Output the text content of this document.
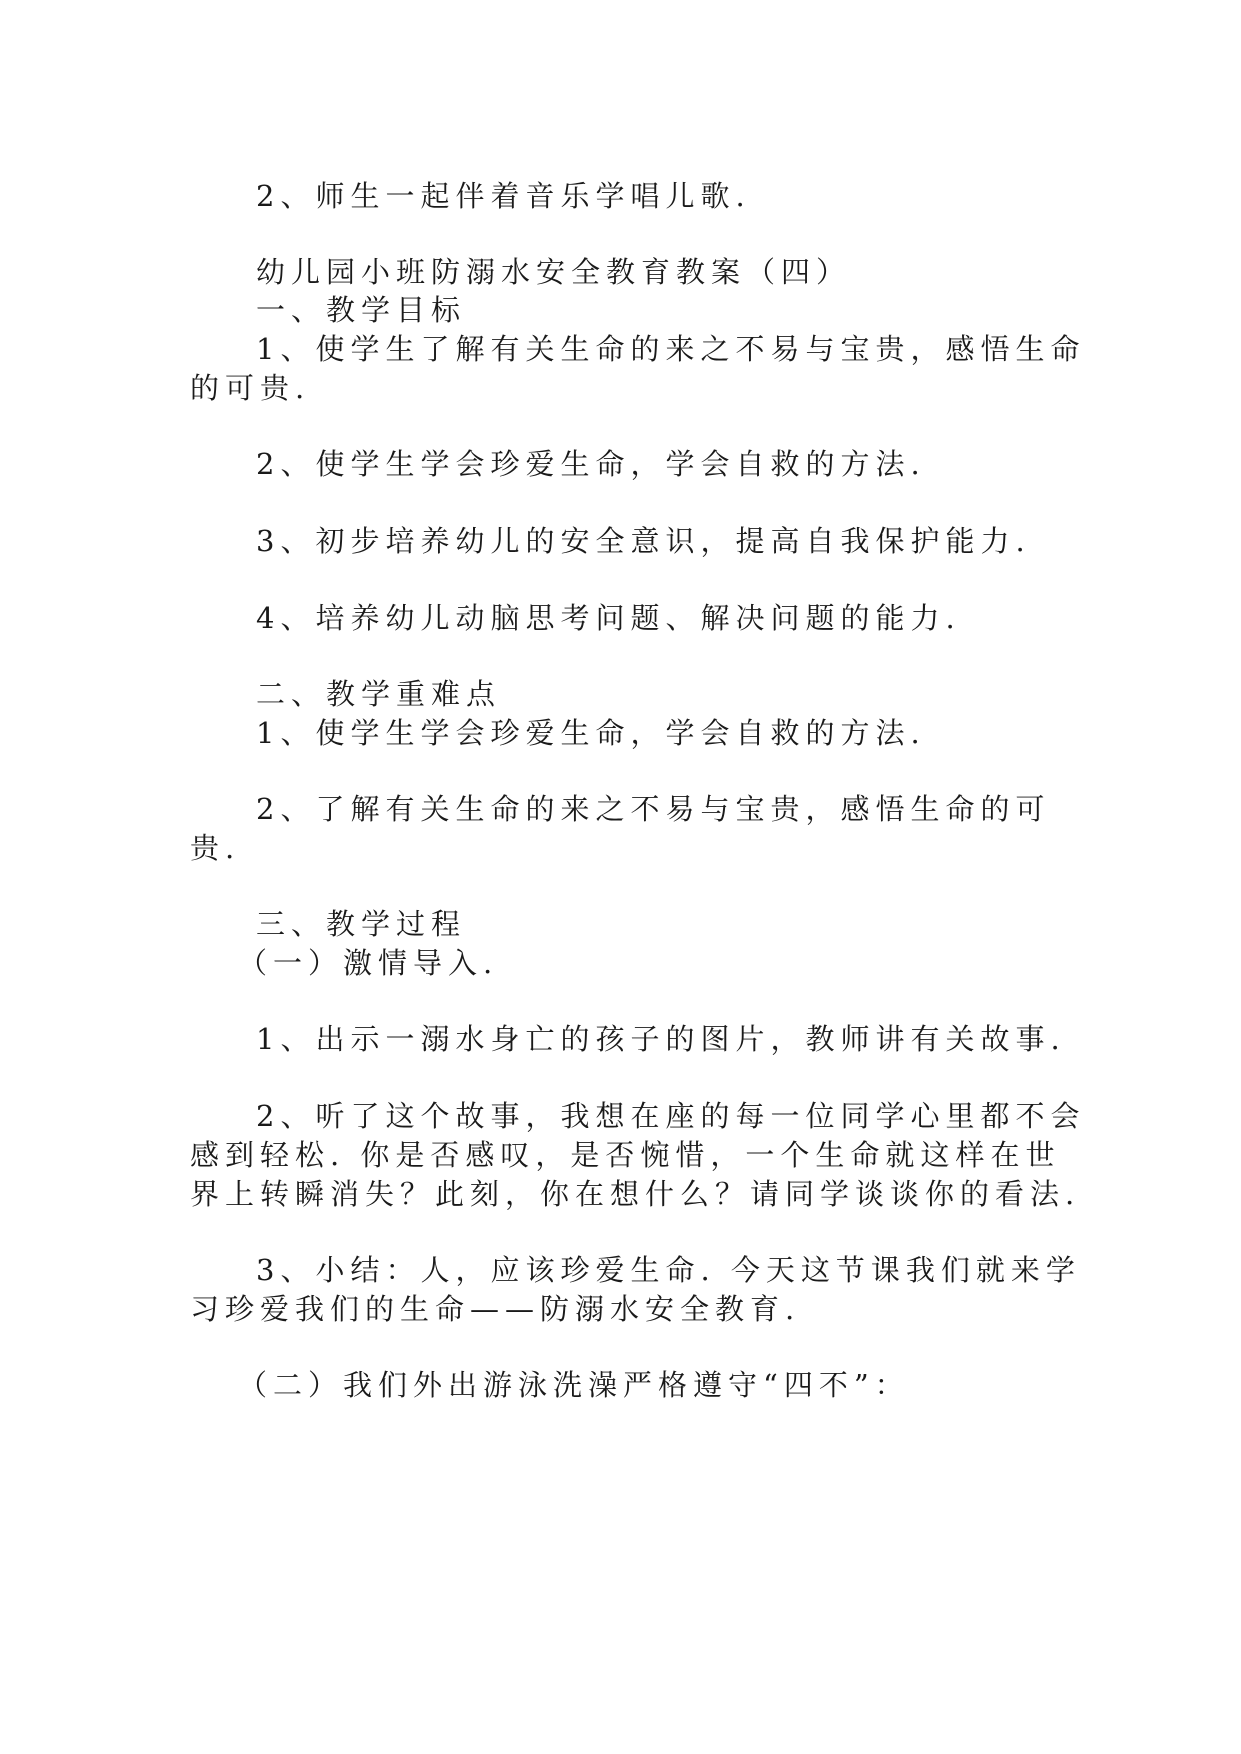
2、师生一起伴着音乐学唱儿歌.
幼儿园小班防溺水安全教育教案（四）
一、教学目标
1、使学生了解有关生命的来之不易与宝贵，感悟生命
的可贵.
2、使学生学会珍爱生命，学会自救的方法.
3、初步培养幼儿的安全意识，提高自我保护能力.
4、培养幼儿动脑思考问题、解决问题的能力.
二、教学重难点
1、使学生学会珍爱生命，学会自救的方法.
2、了解有关生命的来之不易与宝贵，感悟生命的可
贵.
三、教学过程
（一）激情导入.
1、出示一溺水身亡的孩子的图片，教师讲有关故事.
2、听了这个故事，我想在座的每一位同学心里都不会
感到轻松. 你是否感叹，是否惋惜，一个生命就这样在世
界上转瞬消失？此刻，你在想什么？请同学谈谈你的看法.
3、小结：人，应该珍爱生命. 今天这节课我们就来学
习珍爱我们的生命——防溺水安全教育.
（二）我们外出游泳洗澡严格遵守“四不”：
